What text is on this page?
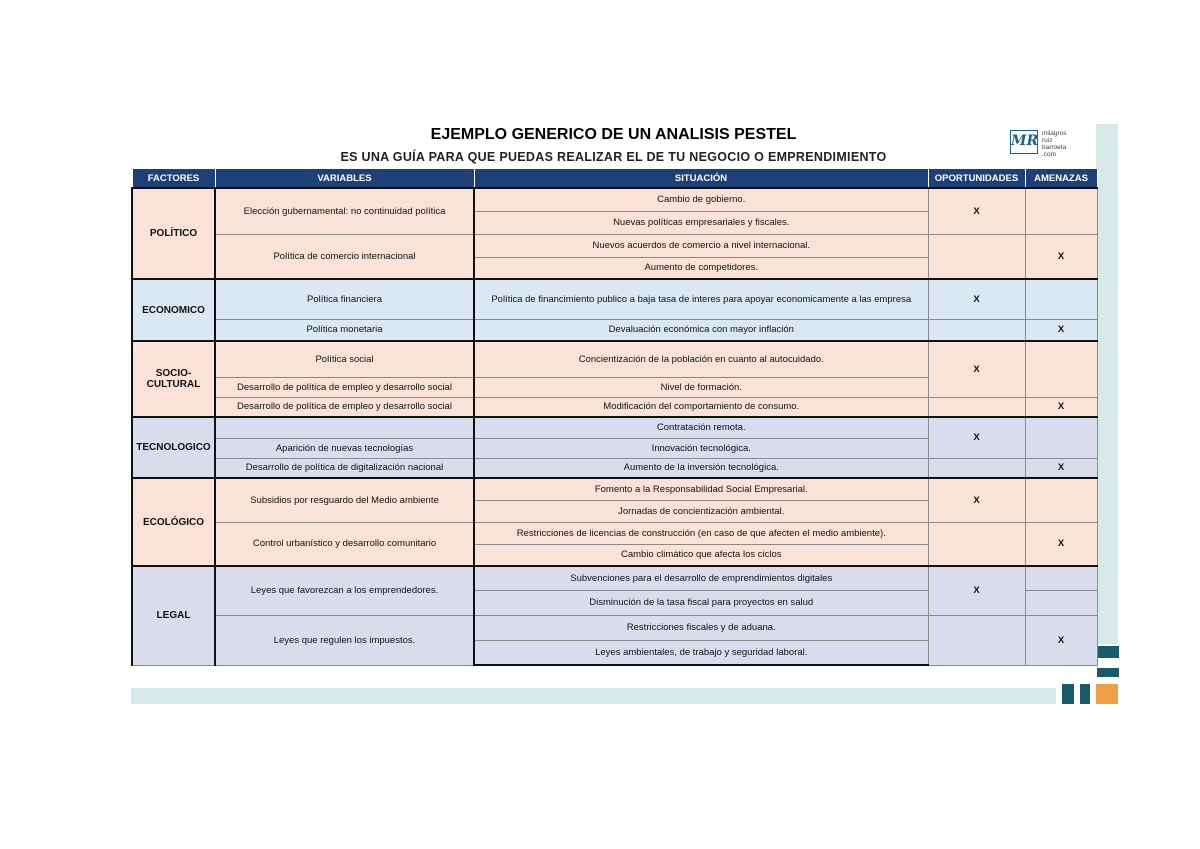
EJEMPLO GENERICO DE UN ANALISIS PESTEL
ES UNA GUÍA PARA QUE PUEDAS REALIZAR EL DE TU NEGOCIO O EMPRENDIMIENTO
MR milagros
ruiz
barroeta
.com
FACTORES	VARIABLES	SITUACIÓN	OPORTUNIDADES	AMENAZAS
POLÍTICO	Elección gubernamental: no continuidad política	Cambio de gobierno.	X	
		Nuevas políticas empresariales y fiscales.		
	Política de comercio internacional	Nuevos acuerdos de comercio a nivel internacional.		X
		Aumento de competidores.		
ECONOMICO	Política financiera	Política de financimiento publico a baja tasa de interes para apoyar economicamente a las empresa	X	
	Política monetaria	Devaluación económica con mayor inflación		X
SOCIO-CULTURAL	Política social	Concientización de la población en cuanto al autocuidado.	X	
	Desarrollo de política de empleo y desarrollo social	Nivel de formación.		
	Desarrollo de política de empleo y desarrollo social	Modificación del comportamiento de consumo.		X
TECNOLOGICO		Contratación remota.	X	
	Aparición de nuevas tecnologías	Innovación tecnológica.		
	Desarrollo de política de digitalización nacional	Aumento de la inversión tecnológica.		X
ECOLÓGICO	Subsidios por resguardo del Medio ambiente	Fomento a la Responsabilidad Social Empresarial.	X	
		Jornadas de concientización ambiental.		
	Control urbanístico y desarrollo comunitario	Restricciones de licencias de construcción (en caso de que afecten el medio ambiente).		X
		Cambio climático que afecta los ciclos		
LEGAL	Leyes que favorezcan a los emprendedores.	Subvenciones para el desarrollo de emprendimientos digitales	X	
		Disminución de la tasa fiscal para proyectos en salud		
	Leyes que regulen los impuestos.	Restricciones fiscales y de aduana.		X
		Leyes ambientales, de trabajo y seguridad laboral.		
